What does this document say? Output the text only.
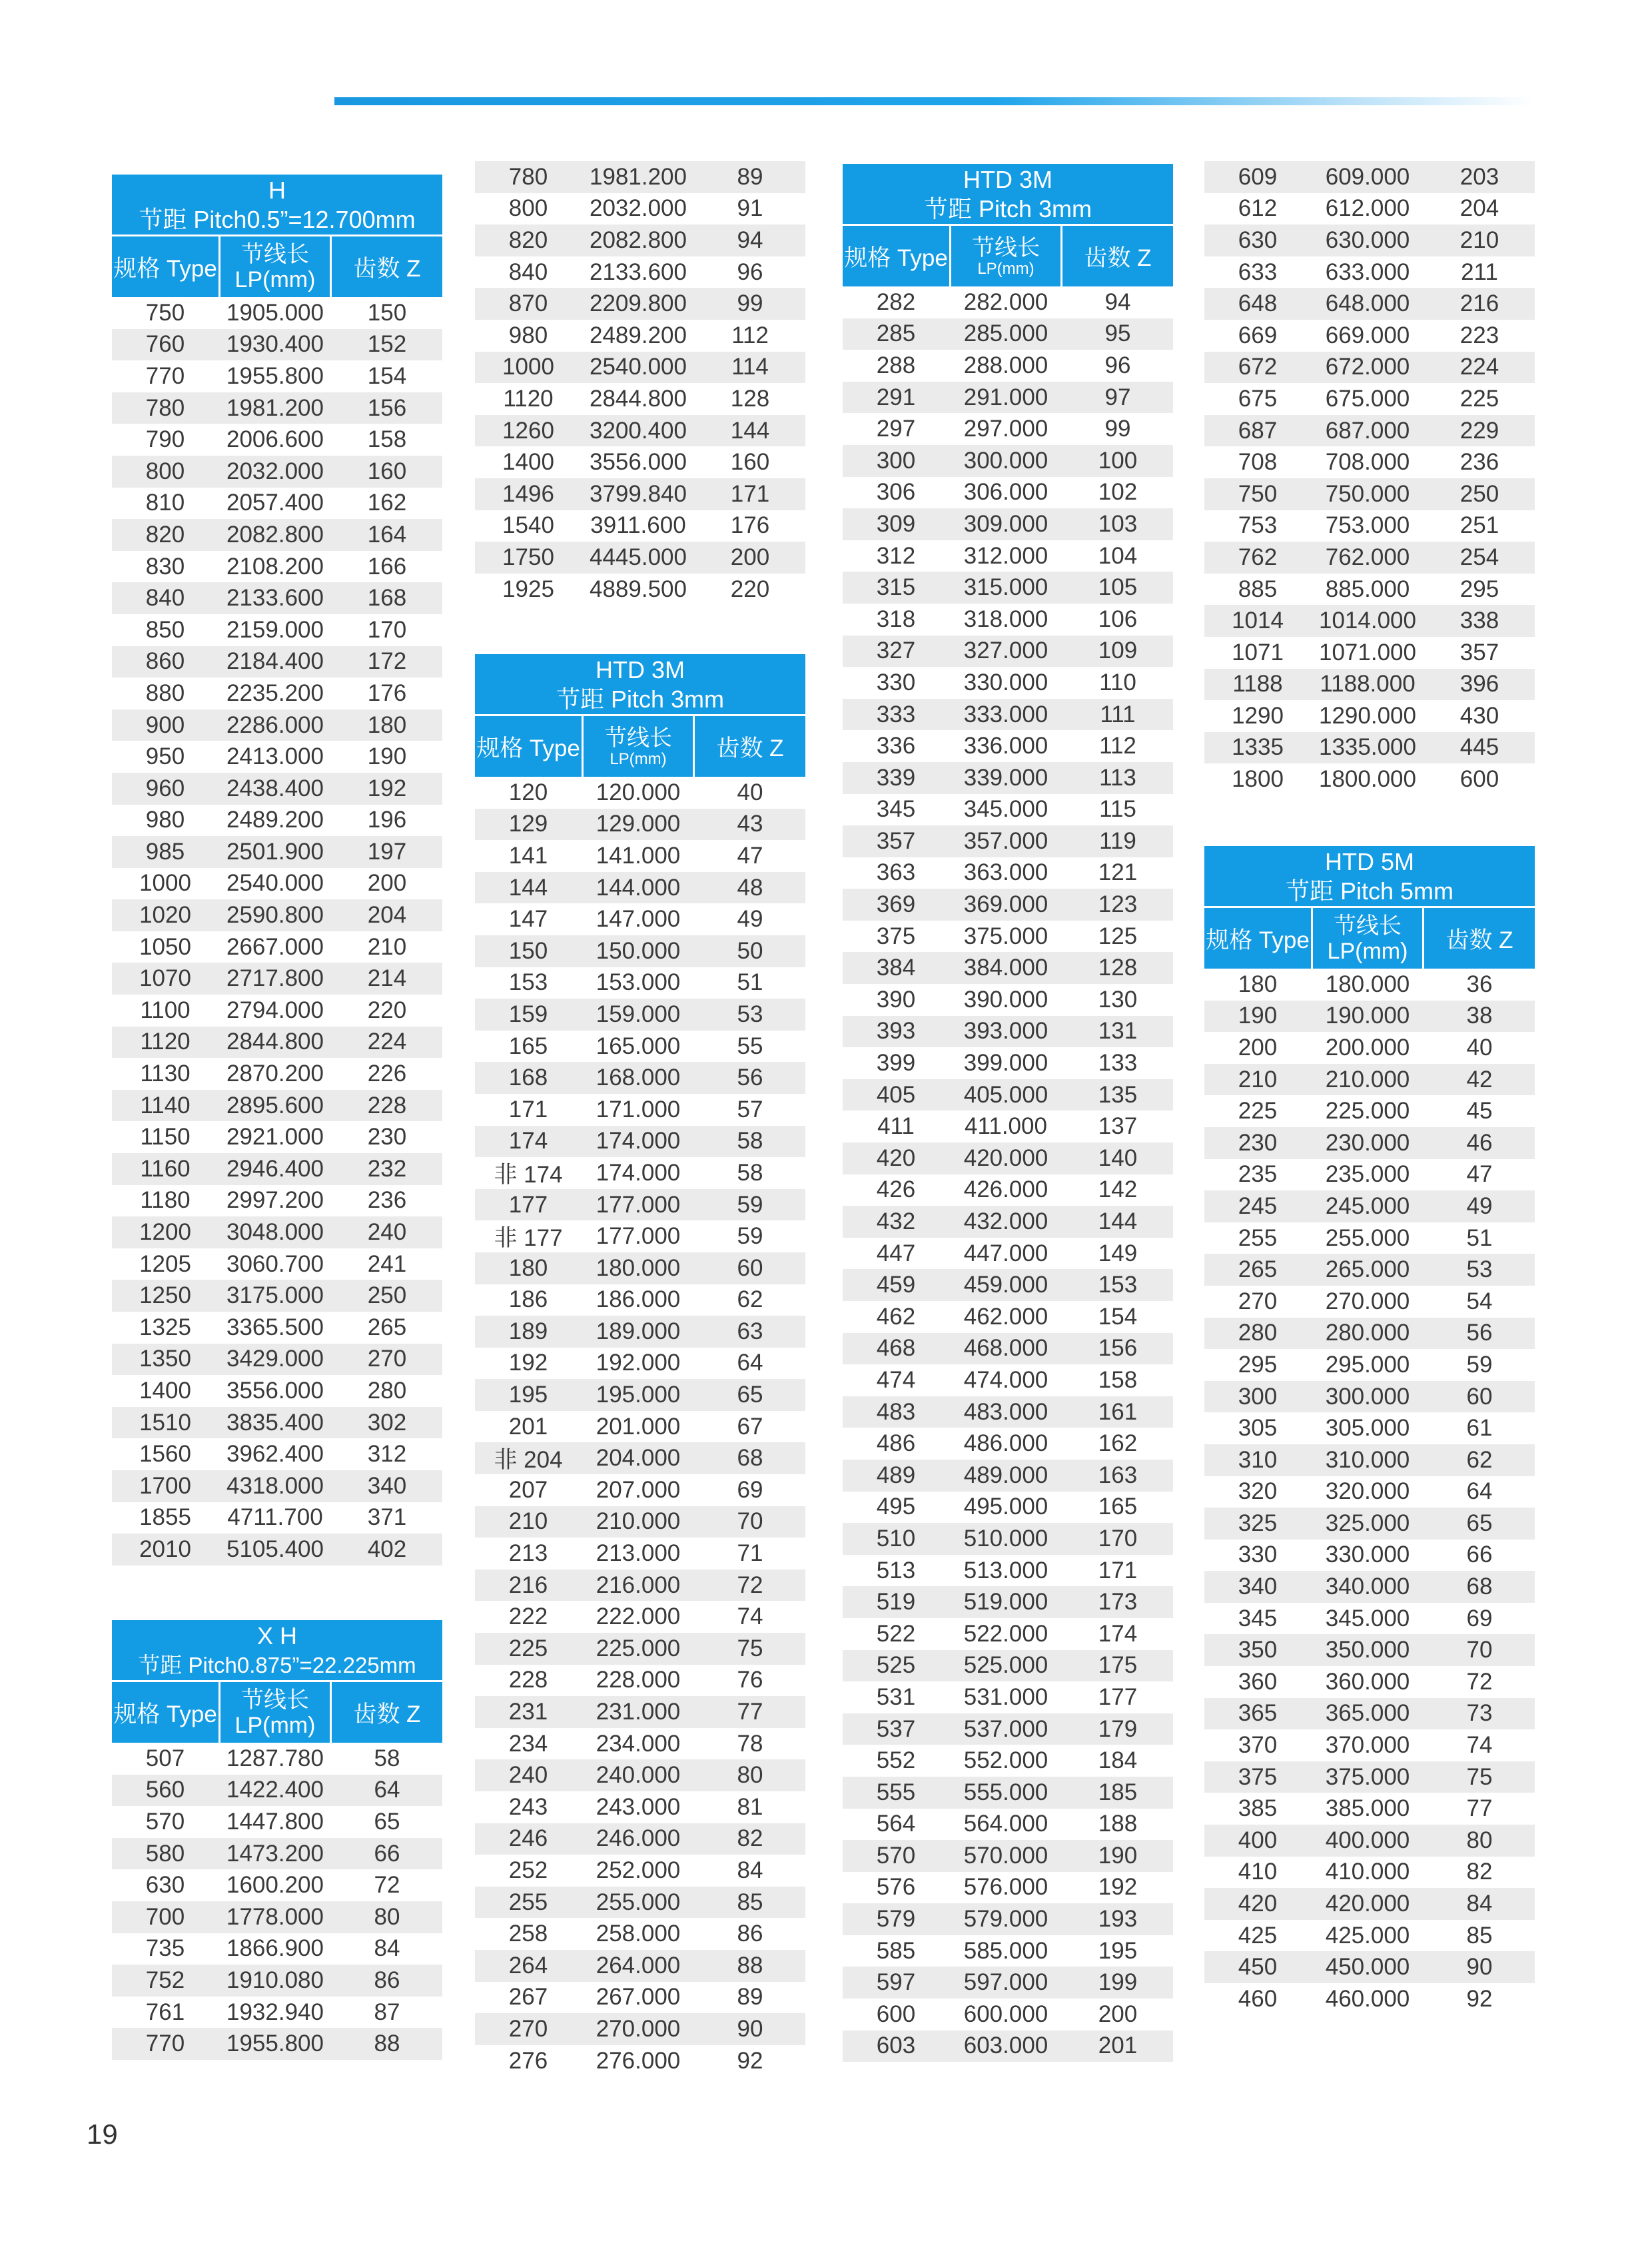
H
节距 Pitch0.5”=12.700mm
规格 Type
节线长
LP(mm)	齿数 Z
750	1905.000	150
760	1930.400	152
770	1955.800	154
780	1981.200	156
790	2006.600	158
800	2032.000	160
810	2057.400	162
820	2082.800	164
830	2108.200	166
840	2133.600	168
850	2159.000	170
860	2184.400	172
880	2235.200	176
900	2286.000	180
950	2413.000	190
960	2438.400	192
980	2489.200	196
985	2501.900	197
1000	2540.000	200
1020	2590.800	204
1050	2667.000	210
1070	2717.800	214
1100	2794.000	220
1120	2844.800	224
1130	2870.200	226
1140	2895.600	228
1150	2921.000	230
1160	2946.400	232
1180	2997.200	236
1200	3048.000	240
1205	3060.700	241
1250	3175.000	250
1325	3365.500	265
1350	3429.000	270
1400	3556.000	280
1510	3835.400	302
1560	3962.400	312
1700	4318.000	340
1855	4711.700	371
2010	5105.400	402
X H
节距 Pitch0.875”=22.225mm
规格 Type
节线长
LP(mm)	齿数 Z
507	1287.780	58
560	1422.400	64
570	1447.800	65
580	1473.200	66
630	1600.200	72
700	1778.000	80
735	1866.900	84
752	1910.080	86
761	1932.940	87
770	1955.800	88
780	1981.200	89
800	2032.000	91
820	2082.800	94
840	2133.600	96
870	2209.800	99
980	2489.200	112
1000	2540.000	114
1120	2844.800	128
1260	3200.400	144
1400	3556.000	160
1496	3799.840	171
1540	3911.600	176
1750	4445.000	200
1925	4889.500	220
HTD 3M
节距 Pitch 3mm
规格 Type 节线长
LP(mm)	齿数 Z
120	120.000	40
129	129.000	43
141	141.000	47
144	144.000	48
147	147.000	49
150	150.000	50
153	153.000	51
159	159.000	53
165	165.000	55
168	168.000	56
171	171.000	57
174	174.000	58
非 174	174.000	58
177	177.000	59
非 177	177.000	59
180	180.000	60
186	186.000	62
189	189.000	63
192	192.000	64
195	195.000	65
201	201.000	67
非 204	204.000	68
207	207.000	69
210	210.000	70
213	213.000	71
216	216.000	72
222	222.000	74
225	225.000	75
228	228.000	76
231	231.000	77
234	234.000	78
240	240.000	80
243	243.000	81
246	246.000	82
252	252.000	84
255	255.000	85
258	258.000	86
264	264.000	88
267	267.000	89
270	270.000	90
276	276.000	92
HTD 3M
节距 Pitch 3mm
规格 Type 节线长
LP(mm)	齿数 Z
282	282.000	94
285	285.000	95
288	288.000	96
291	291.000	97
297	297.000	99
300	300.000	100
306	306.000	102
309	309.000	103
312	312.000	104
315	315.000	105
318	318.000	106
327	327.000	109
330	330.000	110
333	333.000	111
336	336.000	112
339	339.000	113
345	345.000	115
357	357.000	119
363	363.000	121
369	369.000	123
375	375.000	125
384	384.000	128
390	390.000	130
393	393.000	131
399	399.000	133
405	405.000	135
411	411.000	137
420	420.000	140
426	426.000	142
432	432.000	144
447	447.000	149
459	459.000	153
462	462.000	154
468	468.000	156
474	474.000	158
483	483.000	161
486	486.000	162
489	489.000	163
495	495.000	165
510	510.000	170
513	513.000	171
519	519.000	173
522	522.000	174
525	525.000	175
531	531.000	177
537	537.000	179
552	552.000	184
555	555.000	185
564	564.000	188
570	570.000	190
576	576.000	192
579	579.000	193
585	585.000	195
597	597.000	199
600	600.000	200
603	603.000	201
609	609.000	203
612	612.000	204
630	630.000	210
633	633.000	211
648	648.000	216
669	669.000	223
672	672.000	224
675	675.000	225
687	687.000	229
708	708.000	236
750	750.000	250
753	753.000	251
762	762.000	254
885	885.000	295
1014	1014.000	338
1071	1071.000	357
1188	1188.000	396
1290	1290.000	430
1335	1335.000	445
1800	1800.000	600
HTD 5M
节距 Pitch 5mm
规格 Type
节线长
LP(mm)	齿数 Z
180	180.000	36
190	190.000	38
200	200.000	40
210	210.000	42
225	225.000	45
230	230.000	46
235	235.000	47
245	245.000	49
255	255.000	51
265	265.000	53
270	270.000	54
280	280.000	56
295	295.000	59
300	300.000	60
305	305.000	61
310	310.000	62
320	320.000	64
325	325.000	65
330	330.000	66
340	340.000	68
345	345.000	69
350	350.000	70
360	360.000	72
365	365.000	73
370	370.000	74
375	375.000	75
385	385.000	77
400	400.000	80
410	410.000	82
420	420.000	84
425	425.000	85
450	450.000	90
460	460.000	92
19
